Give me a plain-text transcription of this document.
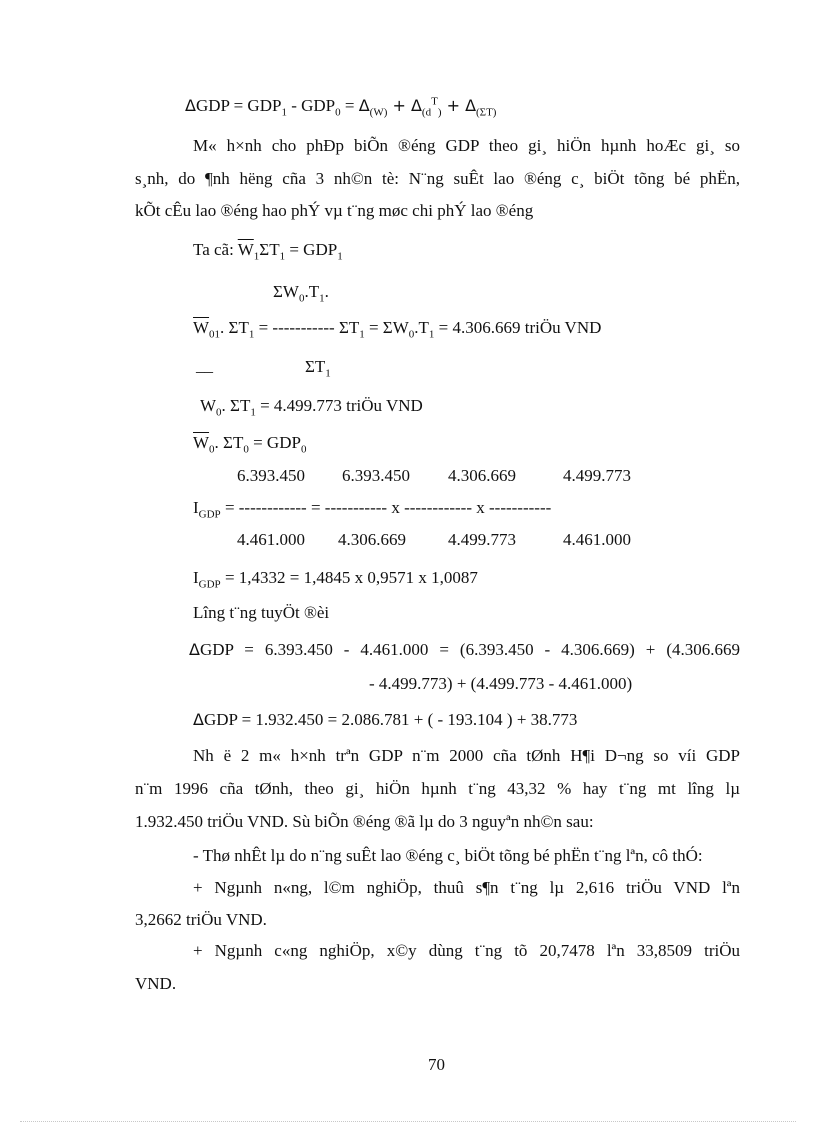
$\Delta GDP = GDP_1 - GDP_0 = \Delta_{(W)} + \Delta_{(d}^T_) + \Delta_{(\Sigma T)}$
M« h×nh cho phÐp biÕn ®éng GDP theo gi¸ hiÖn hµnh hoÆc gi¸ so
s¸nh, do ¶nh hëng cña 3 nh©n tè: N¨ng suÊt lao ®éng c¸ biÖt tõng bé phËn,
kÕt cÊu lao ®éng hao phÝ vµ t¨ng møc chi phÝ lao ®éng
Ta cã: $\overline{W}_1\Sigma T_1 = GDP_1$
$\Sigma W_0.T_1$.
$\overline{W}_{01}$. $\Sigma T_1$ = ----------- $\Sigma T_1 = \Sigma W_0.T_1 = 4.306.669$ triÖu VND
__	$\Sigma T_1$
$W_0$. $\Sigma T_1 = 4.499.773$ triÖu VND
$\overline{W}_0$. $\Sigma T_0 = GDP_0$
6.393.450 6.393.450 4.306.669	4.499.773
$I_{GDP}$ = ------------ = ----------- x ------------ x -----------
4.461.000 4.306.669 4.499.773	4.461.000
$I_{GDP} = 1,4332 = 1,4845$ x 0,9571 x 1,0087
Lîng t¨ng tuyÖt ®èi
ΔGDP = 6.393.450 - 4.461.000 = (6.393.450 - 4.306.669) + (4.306.669
- 4.499.773) + (4.499.773 - 4.461.000)
ΔGDP = 1.932.450 = 2.086.781 + ( - 193.104 ) + 38.773
Nh ë 2 m« h×nh trªn GDP n¨m 2000 cña tØnh H¶i D¬ng so víi GDP
n¨m 1996 cña tØnh, theo gi¸ hiÖn hµnh t¨ng 43,32 % hay t¨ng mt lîng lµ
1.932.450 triÖu VND. Sù biÕn ®éng ®ã lµ do 3 nguyªn nh©n sau:
- Thø nhÊt lµ do n¨ng suÊt lao ®éng c¸ biÖt tõng bé phËn t¨ng lªn, cô thÓ:
+ Ngµnh n«ng, l©m nghiÖp, thuû s¶n t¨ng lµ 2,616 triÖu VND lªn
3,2662 triÖu VND.
+ Ngµnh c«ng nghiÖp, x©y dùng t¨ng tõ 20,7478 lªn 33,8509 triÖu
VND.
70
